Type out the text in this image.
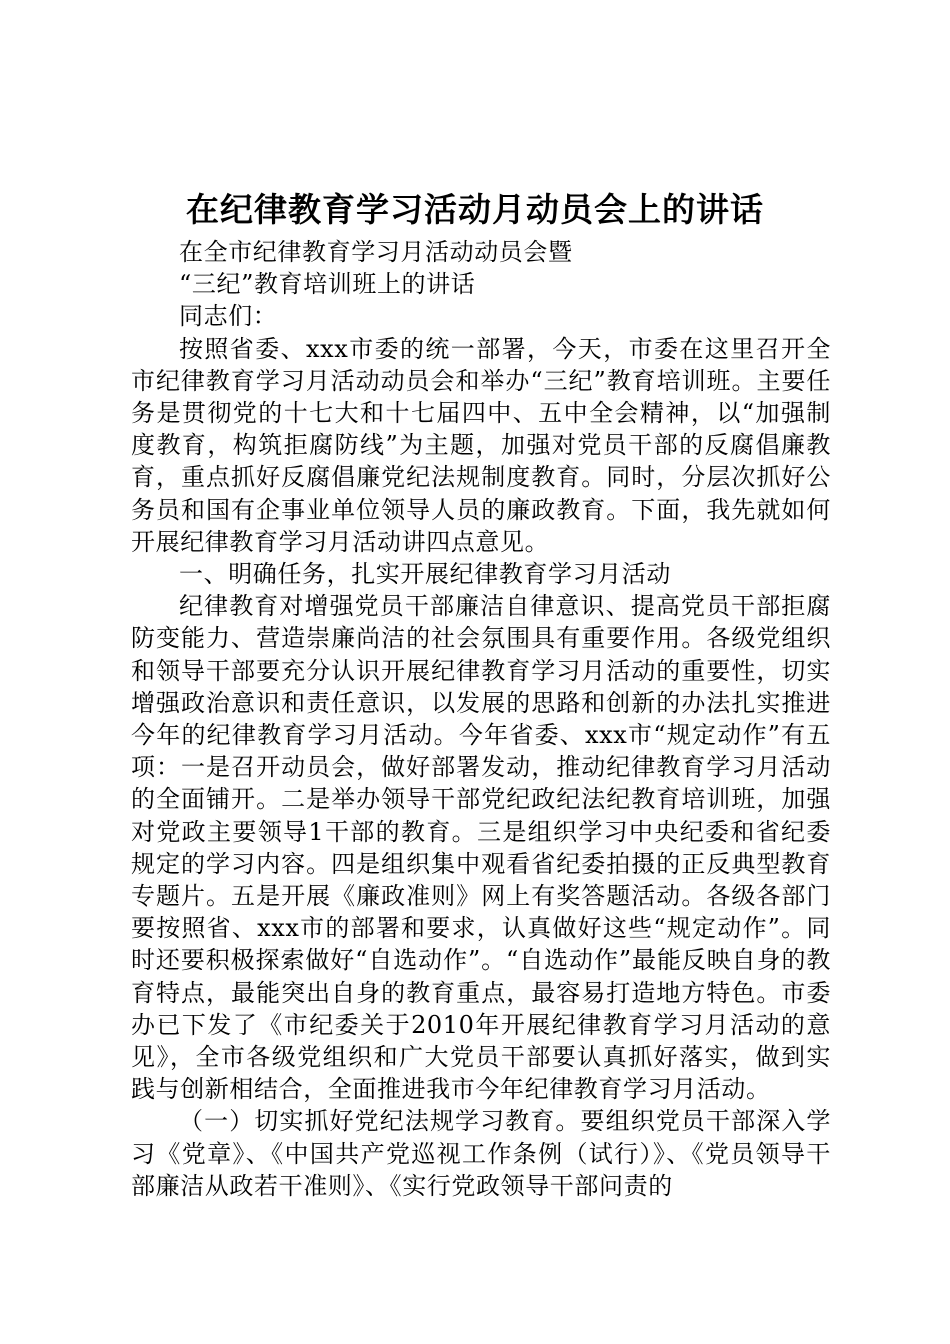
在纪律教育学习活动月动员会上的讲话

在全市纪律教育学习月活动动员会暨

“三纪”教育培训班上的讲话

同志们：

按照省委、xxx市委的统一部署，今天，市委在这里召开全市纪律教育学习月活动动员会和举办“三纪”教育培训班。主要任务是贯彻党的十七大和十七届四中、五中全会精神，以“加强制度教育，构筑拒腐防线”为主题，加强对党员干部的反腐倡廉教育，重点抓好反腐倡廉党纪法规制度教育。同时，分层次抓好公务员和国有企事业单位领导人员的廉政教育。下面，我先就如何开展纪律教育学习月活动讲四点意见。

一、明确任务，扎实开展纪律教育学习月活动

纪律教育对增强党员干部廉洁自律意识、提高党员干部拒腐防变能力、营造崇廉尚洁的社会氛围具有重要作用。各级党组织和领导干部要充分认识开展纪律教育学习月活动的重要性，切实增强政治意识和责任意识，以发展的思路和创新的办法扎实推进今年的纪律教育学习月活动。今年省委、xxx市“规定动作”有五项：一是召开动员会，做好部署发动，推动纪律教育学习月活动的全面铺开。二是举办领导干部党纪政纪法纪教育培训班，加强对党政主要领导1干部的教育。三是组织学习中央纪委和省纪委规定的学习内容。四是组织集中观看省纪委拍摄的正反典型教育专题片。五是开展《廉政准则》网上有奖答题活动。各级各部门要按照省、xxx市的部署和要求，认真做好这些“规定动作”。同时还要积极探索做好“自选动作”。“自选动作”最能反映自身的教育特点，最能突出自身的教育重点，最容易打造地方特色。市委办已下发了《市纪委关于2010年开展纪律教育学习月活动的意见》，全市各级党组织和广大党员干部要认真抓好落实，做到实践与创新相结合，全面推进我市今年纪律教育学习月活动。

（一）切实抓好党纪法规学习教育。要组织党员干部深入学习《党章》、《中国共产党巡视工作条例（试行）》、《党员领导干部廉洁从政若干准则》、《实行党政领导干部问责的
